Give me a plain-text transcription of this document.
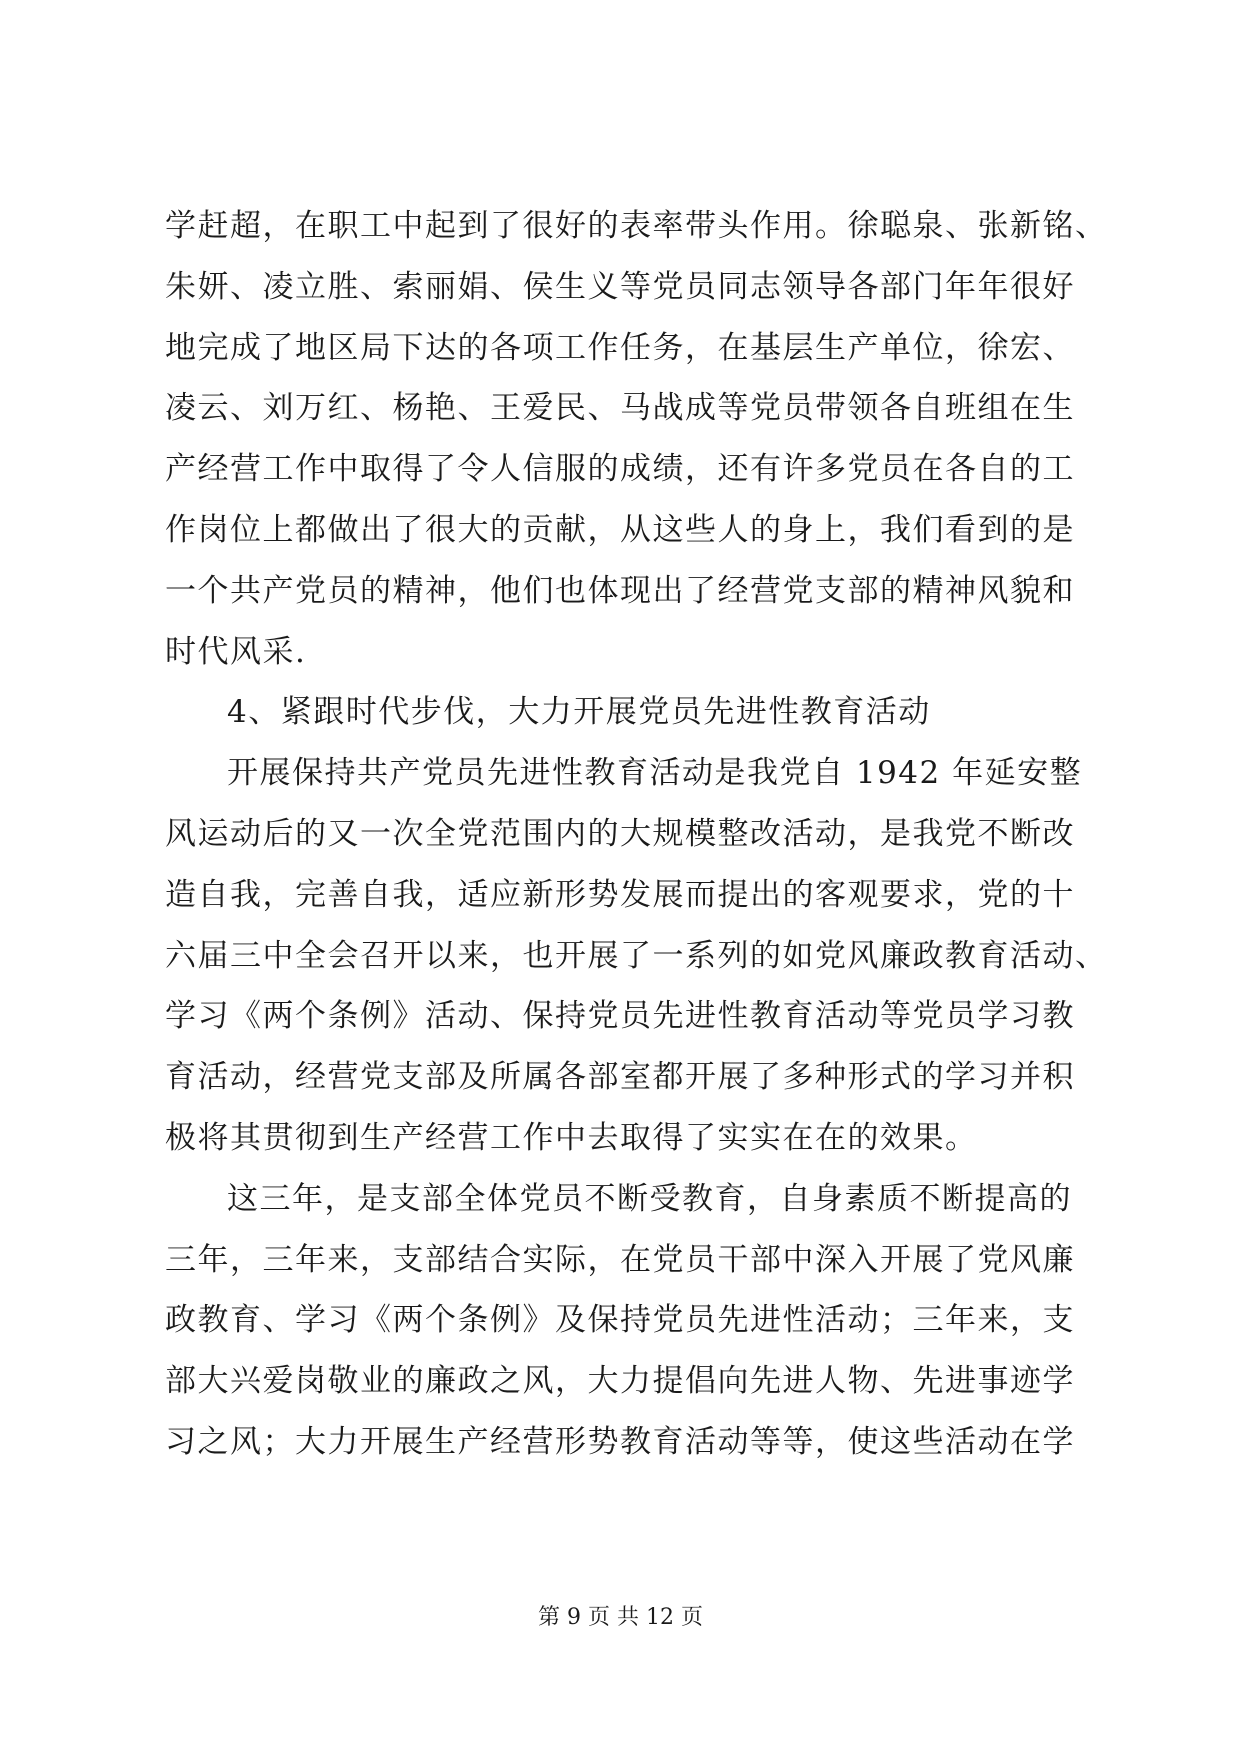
学赶超，在职工中起到了很好的表率带头作用。徐聪泉、张新铭、
朱妍、凌立胜、索丽娟、侯生义等党员同志领导各部门年年很好
地完成了地区局下达的各项工作任务，在基层生产单位，徐宏、
凌云、刘万红、杨艳、王爱民、马战成等党员带领各自班组在生
产经营工作中取得了令人信服的成绩，还有许多党员在各自的工
作岗位上都做出了很大的贡献，从这些人的身上，我们看到的是
一个共产党员的精神，他们也体现出了经营党支部的精神风貌和
时代风采.
4、紧跟时代步伐，大力开展党员先进性教育活动
开展保持共产党员先进性教育活动是我党自 1942 年延安整
风运动后的又一次全党范围内的大规模整改活动，是我党不断改
造自我，完善自我，适应新形势发展而提出的客观要求，党的十
六届三中全会召开以来，也开展了一系列的如党风廉政教育活动、
学习《两个条例》活动、保持党员先进性教育活动等党员学习教
育活动，经营党支部及所属各部室都开展了多种形式的学习并积
极将其贯彻到生产经营工作中去取得了实实在在的效果。
这三年，是支部全体党员不断受教育，自身素质不断提高的
三年，三年来，支部结合实际，在党员干部中深入开展了党风廉
政教育、学习《两个条例》及保持党员先进性活动；三年来，支
部大兴爱岗敬业的廉政之风，大力提倡向先进人物、先进事迹学
习之风；大力开展生产经营形势教育活动等等，使这些活动在学
第 9 页 共 12 页
